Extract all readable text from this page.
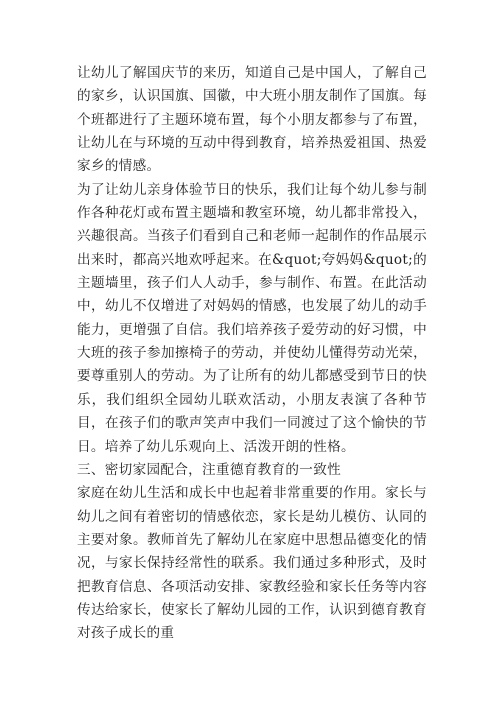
让幼儿了解国庆节的来历，知道自己是中国人，了解自己的家乡，认识国旗、国徽，中大班小朋友制作了国旗。每个班都进行了主题环境布置，每个小朋友都参与了布置，让幼儿在与环境的互动中得到教育，培养热爱祖国、热爱家乡的情感。

为了让幼儿亲身体验节日的快乐，我们让每个幼儿参与制作各种花灯或布置主题墙和教室环境，幼儿都非常投入，兴趣很高。当孩子们看到自己和老师一起制作的作品展示出来时，都高兴地欢呼起来。在&quot;夸妈妈&quot;的主题墙里，孩子们人人动手，参与制作、布置。在此活动中，幼儿不仅增进了对妈妈的情感，也发展了幼儿的动手能力，更增强了自信。我们培养孩子爱劳动的好习惯，中大班的孩子参加擦椅子的劳动，并使幼儿懂得劳动光荣，要尊重别人的劳动。为了让所有的幼儿都感受到节日的快乐，我们组织全园幼儿联欢活动，小朋友表演了各种节目，在孩子们的歌声笑声中我们一同渡过了这个愉快的节日。培养了幼儿乐观向上、活泼开朗的性格。

三、密切家园配合，注重德育教育的一致性

家庭在幼儿生活和成长中也起着非常重要的作用。家长与幼儿之间有着密切的情感依恋，家长是幼儿模仿、认同的主要对象。教师首先了解幼儿在家庭中思想品德变化的情况，与家长保持经常性的联系。我们通过多种形式，及时把教育信息、各项活动安排、家教经验和家长任务等内容传达给家长，使家长了解幼儿园的工作，认识到德育教育对孩子成长的重
